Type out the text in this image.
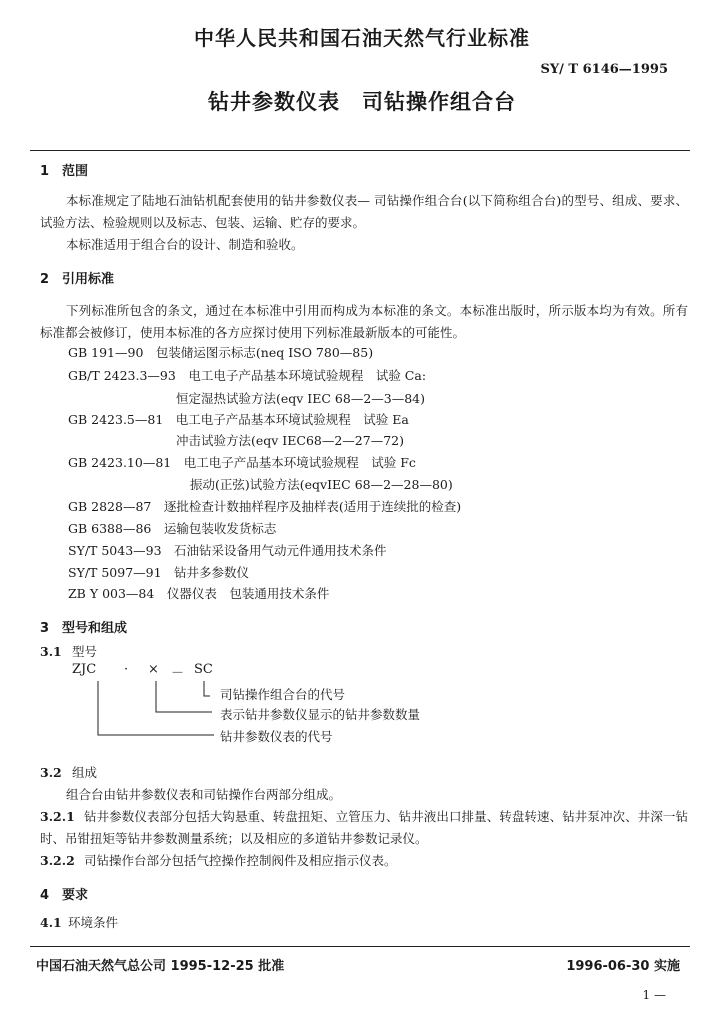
中华人民共和国石油天然气行业标准
SY/ T 6146—1995
钻井参数仪表　司钻操作组合台
1　范围
本标准规定了陆地石油钻机配套使用的钻井参数仪表— 司钻操作组合台(以下简称组合台)的型号、组成、要求、试验方法、检验规则以及标志、包装、运输、贮存的要求。
本标准适用于组合台的设计、制造和验收。
2　引用标准
下列标准所包含的条文，通过在本标准中引用而构成为本标准的条文。本标准出版时，所示版本均为有效。所有标准都会被修订，使用本标准的各方应探讨使用下列标准最新版本的可能性。
GB 191—90　包装储运图示标志(neq ISO 780—85)
GB/T 2423.3—93　电工电子产品基本环境试验规程　试验 Ca:
恒定湿热试验方法(eqv IEC 68—2—3—84)
GB 2423.5—81　电工电子产品基本环境试验规程　试验 Ea
冲击试验方法(eqv IEC68—2—27—72)
GB 2423.10—81　电工电子产品基本环境试验规程　试验 Fc
振动(正弦)试验方法(eqvIEC 68—2—28—80)
GB 2828—87　逐批检查计数抽样程序及抽样表(适用于连续批的检查)
GB 6388—86　运输包装收发货标志
SY/T 5043—93　石油钻采设备用气动元件通用技术条件
SY/T 5097—91　钻井多参数仪
ZB Y 003—84　仪器仪表　包装通用技术条件
3　型号和组成
3.1 型号
ZJC · × － SC
司钻操作组合台的代号
表示钻井参数仪显示的钻井参数数量
钻井参数仪表的代号
3.2 组成
组合台由钻井参数仪表和司钻操作台两部分组成。
3.2.1 钻井参数仪表部分包括大钩悬重、转盘扭矩、立管压力、钻井液出口排量、转盘转速、钻井泵冲次、井深一钻时、吊钳扭矩等钻井参数测量系统；以及相应的多道钻井参数记录仪。
3.2.2 司钻操作台部分包括气控操作控制阀件及相应指示仪表。
4　要求
4.1 环境条件
中国石油天然气总公司 1995-12-25 批准	1996-06-30 实施
1 —
